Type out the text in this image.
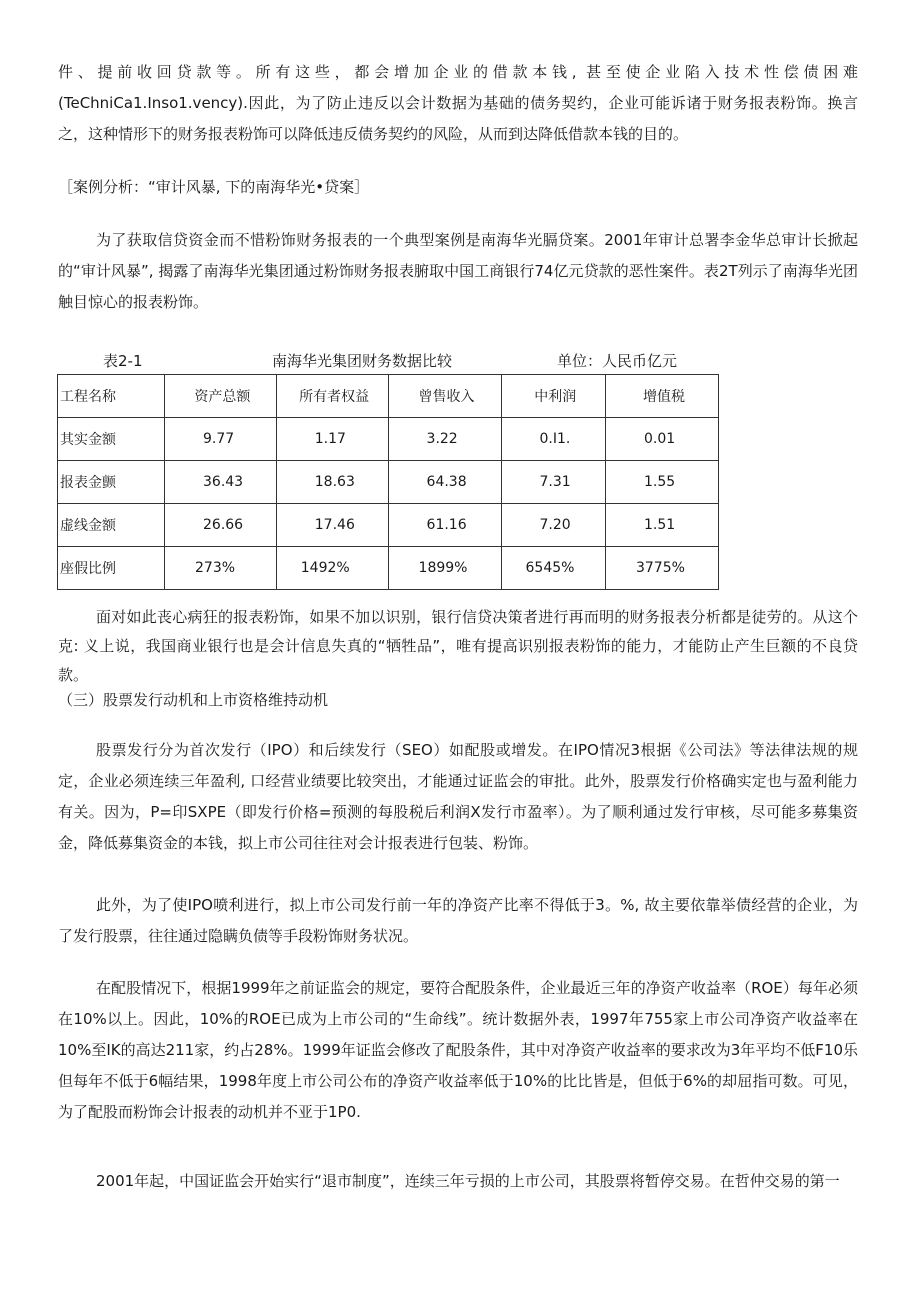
件、提前收回贷款等。所有这些，都会增加企业的借款本钱, 甚至使企业陷入技术性偿债困难 (TeChniCa1.Inso1.vency).因此，为了防止违反以会计数据为基础的债务契约，企业可能诉诸于财务报表粉饰。换言之，这种情形下的财务报表粉饰可以降低违反债务契约的风险，从而到达降低借款本钱的目的。

［案例分析：“审计风暴, 下的南海华光•贷案］

为了获取信贷资金而不惜粉饰财务报表的一个典型案例是南海华光膈贷案。2001年审计总署李金华总审计长掀起的“审计风暴”, 揭露了南海华光集团通过粉饰财务报表腑取中国工商银行74亿元贷款的恶性案件。表2T列示了南海华光团触目惊心的报表粉饰。

表2-1	南海华光集团财务数据比较	单位：人民币亿元
工程名称	资产总额	所有者权益	曾售收入	中利润	增值税
其实金额	9.77	1.17	3.22	0.I1.	0.01
报表金颤	36.43	18.63	64.38	7.31	1.55
虚线金额	26.66	17.46	61.16	7.20	1.51
座假比例	273%	1492%	1899%	6545%	3775%

面对如此丧心病狂的报表粉饰，如果不加以识别，银行信贷决策者进行再而明的财务报表分析都是徒劳的。从这个克: 义上说，我国商业银行也是会计信息失真的“牺牲品”，唯有提高识别报表粉饰的能力，才能防止产生巨额的不良贷款。

（三）股票发行动机和上市资格维持动机

股票发行分为首次发行（IPO）和后续发行（SEO）如配股或增发。在IPO情况3根据《公司法》等法律法规的规定，企业必须连续三年盈利, 口经营业绩要比较突出，才能通过证监会的审批。此外，股票发行价格确实定也与盈利能力有关。因为，P=印SXPE（即发行价格=预测的每股税后利润X发行市盈率）。为了顺利通过发行审核，尽可能多募集资金，降低募集资金的本钱，拟上市公司往往对会计报表进行包装、粉饰。

此外，为了使IPO喷利进行，拟上市公司发行前一年的净资产比率不得低于3。%, 故主要依靠举债经营的企业，为了发行股票，往往通过隐瞒负债等手段粉饰财务状况。

在配股情况下，根据1999年之前证监会的规定，要符合配股条件，企业最近三年的净资产收益率（ROE）每年必须在10%以上。因此，10%的ROE已成为上市公司的“生命线”。统计数据外表，1997年755家上市公司净资产收益率在10%至IK的高达211家，约占28%。1999年证监会修改了配股条件，其中对净资产收益率的要求改为3年平均不低F10乐但每年不低于6幅结果，1998年度上市公司公布的净资产收益率低于10%的比比皆是，但低于6%的却屈指可数。可见，为了配股而粉饰会计报表的动机并不亚于1P0.

2001年起，中国证监会开始实行“退市制度”，连续三年亏损的上市公司，其股票将暂停交易。在哲仲交易的第一
